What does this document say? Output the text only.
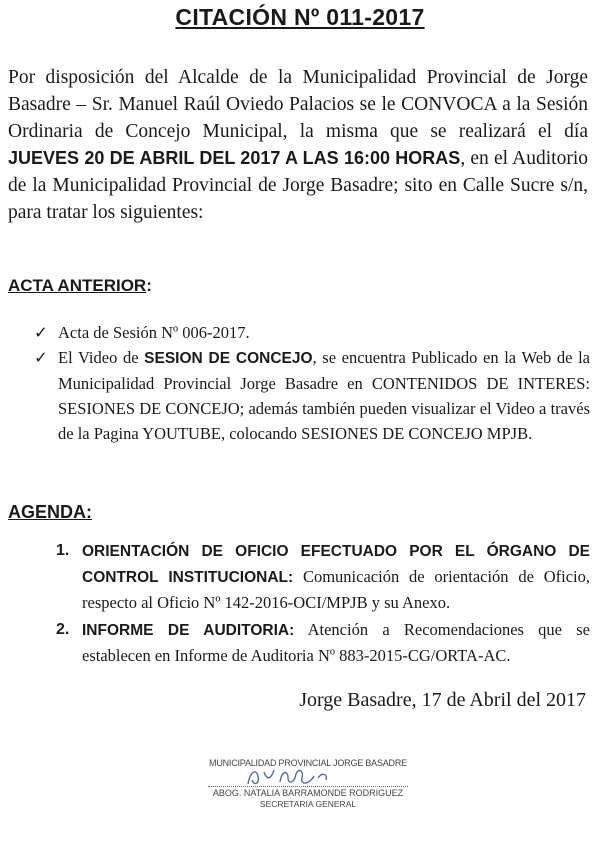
CITACIÓN Nº 011-2017

Por disposición del Alcalde de la Municipalidad Provincial de Jorge Basadre – Sr. Manuel Raúl Oviedo Palacios se le CONVOCA a la Sesión Ordinaria de Concejo Municipal, la misma que se realizará el día JUEVES 20 DE ABRIL DEL 2017 A LAS 16:00 HORAS, en el Auditorio de la Municipalidad Provincial de Jorge Basadre; sito en Calle Sucre s/n, para tratar los siguientes:

ACTA ANTERIOR:
✓ Acta de Sesión Nº 006-2017.
✓ El Video de SESION DE CONCEJO, se encuentra Publicado en la Web de la Municipalidad Provincial Jorge Basadre en CONTENIDOS DE INTERES: SESIONES DE CONCEJO; además también pueden visualizar el Video a través de la Pagina YOUTUBE, colocando SESIONES DE CONCEJO MPJB.
AGENDA:
1. ORIENTACIÓN DE OFICIO EFECTUADO POR EL ÓRGANO DE CONTROL INSTITUCIONAL: Comunicación de orientación de Oficio, respecto al Oficio Nº 142-2016-OCI/MPJB y su Anexo.
2. INFORME DE AUDITORIA: Atención a Recomendaciones que se establecen en Informe de Auditoria Nº 883-2015-CG/ORTA-AC.
Jorge Basadre, 17 de Abril del 2017
MUNICIPALIDAD PROVINCIAL JORGE BASADRE
ABOG. NATALIA BARRAMONDE RODRIGUEZ
SECRETARIA GENERAL
